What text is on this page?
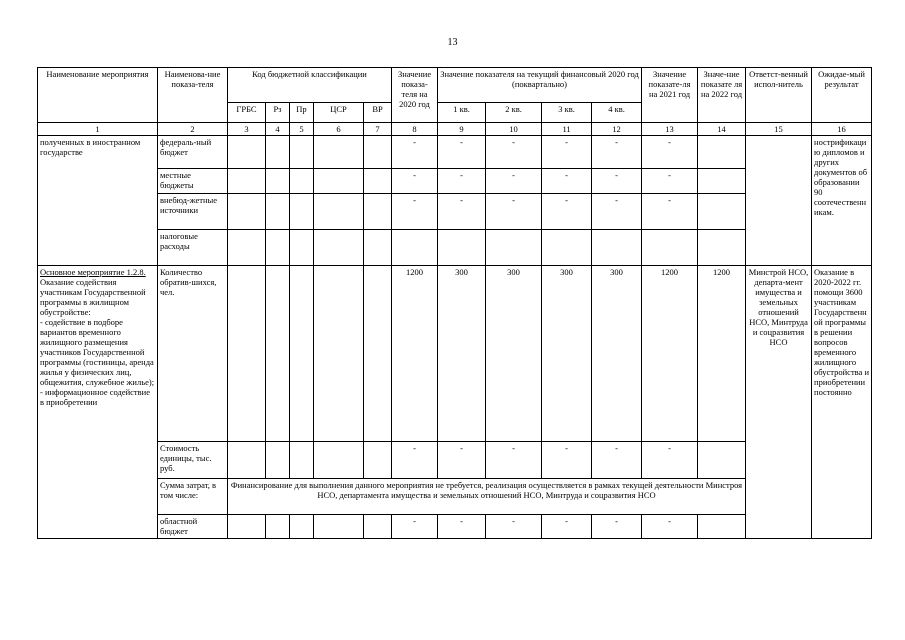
13
Наименование мероприятия	Наименова-ние показа-теля	Код бюджетной классификации					Значение показа-теля на 2020 год	Значение показателя на текущий финансовый 2020 год (поквартально)				Значение показате-ля на 2021 год	Значе-ние показате ля на 2022 год	Ответст-венный испол-нитель	Ожидае-мый результат
		ГРБС	Рз	Пр	ЦСР	ВР		1 кв.	2 кв.	3 кв.	4 кв.				
1	2	3	4	5	6	7	8	9	10	11	12	13	14	15	16
полученных в иностранном государстве	федераль-ный бюджет						-	-	-	-	-	-			нострификацию дипломов и других документов об образовании 90 соотечественникам.
	местные бюджеты						-	-	-	-	-	-			
	внебюд-жетные источники						-	-	-	-	-	-			
	налоговые расходы														
Основное мероприятие 1.2.8. Оказание содействия участникам Государственной программы в жилищном обустройстве:
- содействие в подборе вариантов временного жилищного размещения участников Государственной программы (гостиницы, аренда жилья у физических лиц, общежития, служебное жилье); - информационное содействие в приобретении	Количество обратив-шихся, чел.						1200	300	300	300	300	1200	1200	Минстрой НСО, департа-мент имущества и земельных отношений НСО, Минтруда и соцразвития НСО	Оказание в 2020-2022 гг. помощи 3600 участникам Государственной программы в решении вопросов временного жилищного обустройства и приобретении постоянно
	Стоимость единицы, тыс. руб.						-	-	-	-	-	-			
	Сумма затрат, в том числе:	Финансирование для выполнения данного мероприятия не требуется, реализация осуществляется в рамках текущей деятельности Минстроя НСО, департамента имущества и земельных отношений НСО, Минтруда и соцразвития НСО													
	областной бюджет						-	-	-	-	-	-			
